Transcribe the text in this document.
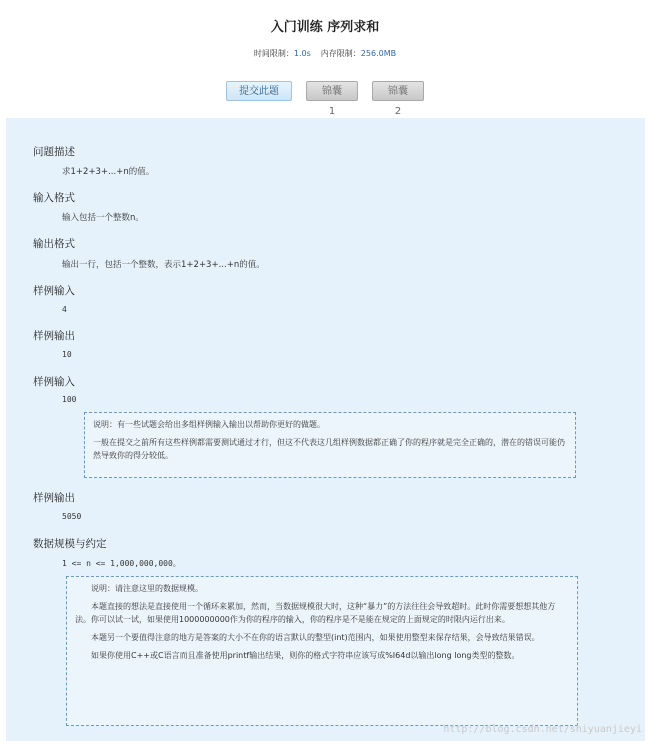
入门训练 序列求和
时间限制：1.0s 内存限制：256.0MB
提交此题	锦囊1 锦囊2
问题描述
求1+2+3+...+n的值。
输入格式
输入包括一个整数n。
输出格式
输出一行，包括一个整数，表示1+2+3+...+n的值。
样例输入
4
样例输出
10
样例输入
100

说明：有一些试题会给出多组样例输入输出以帮助你更好的做题。

一般在提交之前所有这些样例都需要测试通过才行，但这不代表这几组样例数据都正确了你的程序就是完全正确的，潜在的错误可能仍然导致你的得分较低。

样例输出
5050
数据规模与约定
1 <= n <= 1,000,000,000。

说明：请注意这里的数据规模。

本题直接的想法是直接使用一个循环来累加，然而，当数据规模很大时，这种“暴力”的方法往往会导致超时。此时你需要想想其他方法。你可以试一试，如果使用1000000000作为你的程序的输入，你的程序是不是能在规定的上面规定的时限内运行出来。

本题另一个要值得注意的地方是答案的大小不在你的语言默认的整型(int)范围内，如果使用整型来保存结果，会导致结果错误。

如果你使用C++或C语言而且准备使用printf输出结果，则你的格式字符串应该写成%I64d以输出long long类型的整数。

http://blog.csdn.net/shiyuanjieyi
